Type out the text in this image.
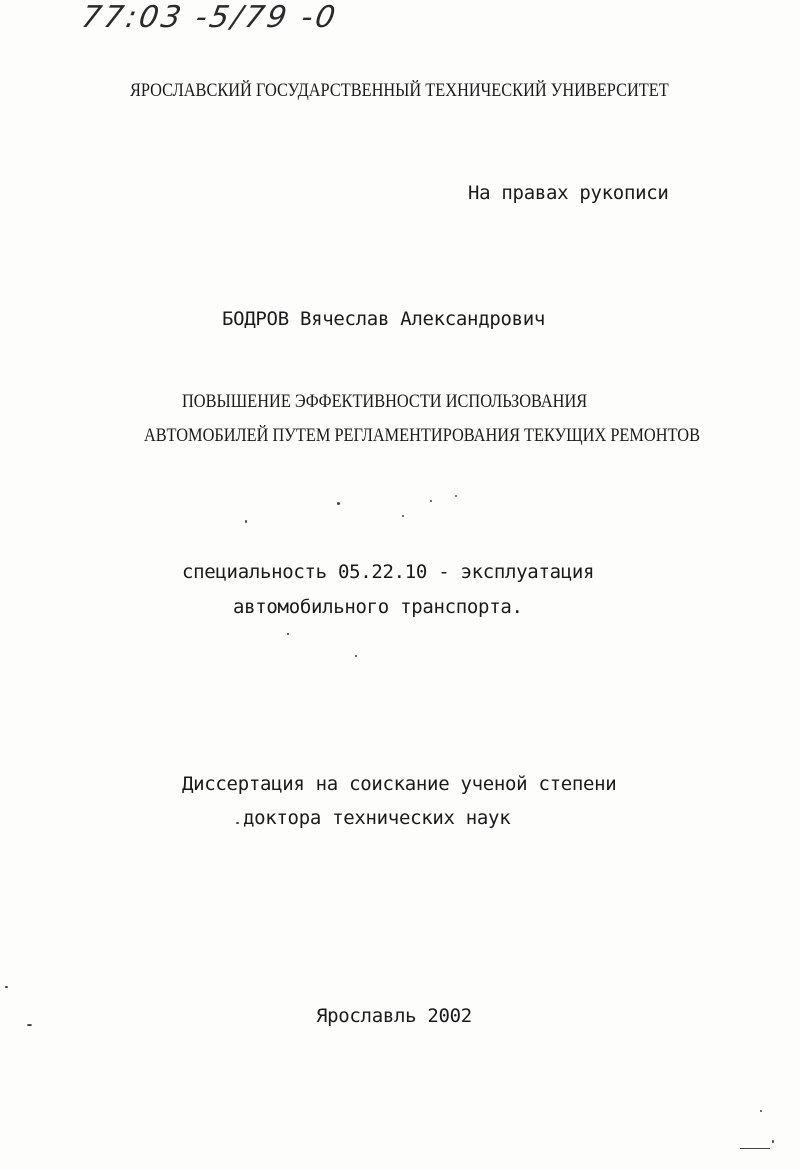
77:03 -5/79 -0
ЯРОСЛАВСКИЙ ГОСУДАРСТВЕННЫЙ ТЕХНИЧЕСКИЙ УНИВЕРСИТЕТ
На правах рукописи
БОДРОВ Вячеслав Александрович
ПОВЫШЕНИЕ ЭФФЕКТИВНОСТИ ИСПОЛЬЗОВАНИЯ
АВТОМОБИЛЕЙ ПУТЕМ РЕГЛАМЕНТИРОВАНИЯ ТЕКУЩИХ РЕМОНТОВ
специальность 05.22.10 - эксплуатация
автомобильного транспорта.
Диссертация на соискание ученой степени
доктора технических наук
Ярославль 2002
